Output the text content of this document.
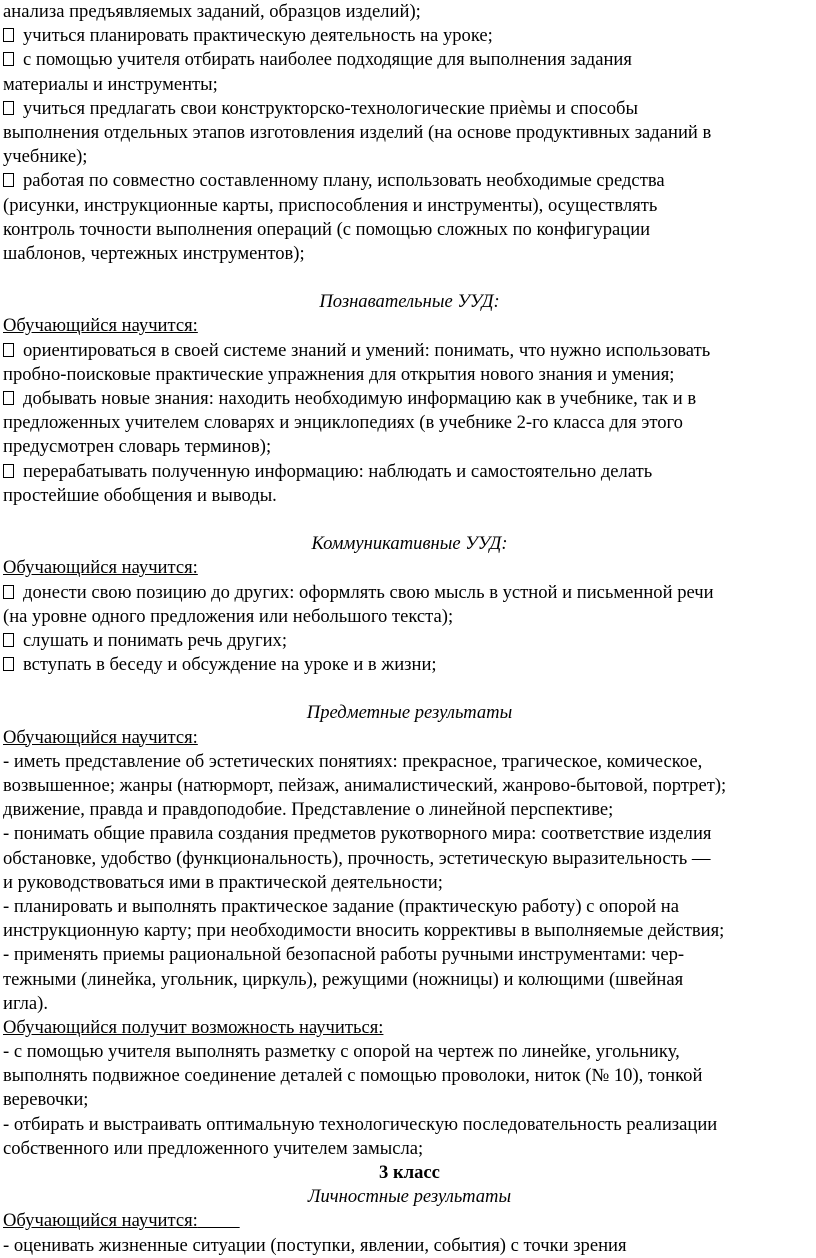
анализа предъявляемых заданий, образцов изделий);
учиться планировать практическую деятельность на уроке;
с помощью учителя отбирать наиболее подходящие для выполнения задания
материалы и инструменты;
учиться предлагать свои конструкторско-технологические приѐмы и способы
выполнения отдельных этапов изготовления изделий (на основе продуктивных заданий в
учебнике);
работая по совместно составленному плану, использовать необходимые средства
(рисунки, инструкционные карты, приспособления и инструменты), осуществлять
контроль точности выполнения операций (с помощью сложных по конфигурации
шаблонов, чертежных инструментов);
Познавательные УУД:
Обучающийся научится:
ориентироваться в своей системе знаний и умений: понимать, что нужно использовать
пробно-поисковые практические упражнения для открытия нового знания и умения;
добывать новые знания: находить необходимую информацию как в учебнике, так и в
предложенных учителем словарях и энциклопедиях (в учебнике 2-го класса для этого
предусмотрен словарь терминов);
перерабатывать полученную информацию: наблюдать и самостоятельно делать
простейшие обобщения и выводы.
Коммуникативные УУД:
Обучающийся научится:
донести свою позицию до других: оформлять свою мысль в устной и письменной речи
(на уровне одного предложения или небольшого текста);
слушать и понимать речь других;
вступать в беседу и обсуждение на уроке и в жизни;
Предметные результаты
Обучающийся научится:
- иметь представление об эстетических понятиях: прекрасное, трагическое, комическое,
возвышенное; жанры (натюрморт, пейзаж, анималистический, жанрово-бытовой, портрет);
движение, правда и правдоподобие. Представление о линейной перспективе;
- понимать общие правила создания предметов рукотворного мира: соответствие изделия
обстановке, удобство (функциональность), прочность, эстетическую выразительность —
и руководствоваться ими в практической деятельности;
- планировать и выполнять практическое задание (практическую работу) с опорой на
инструкционную карту; при необходимости вносить коррективы в выполняемые действия;
- применять приемы рациональной безопасной работы ручными инструментами: чер-
тежными (линейка, угольник, циркуль), режущими (ножницы) и колющими (швейная
игла).
Обучающийся получит возможность научиться:
- с помощью учителя выполнять разметку с опорой на чертеж по линейке, угольнику,
выполнять подвижное соединение деталей с помощью проволоки, ниток (№ 10), тонкой
веревочки;
- отбирать и выстраивать оптимальную технологическую последовательность реализации
собственного или предложенного учителем замысла;
3 класс
Личностные результаты
Обучающийся научится:
- оценивать жизненные ситуации (поступки, явлении, события) с точки зрения
